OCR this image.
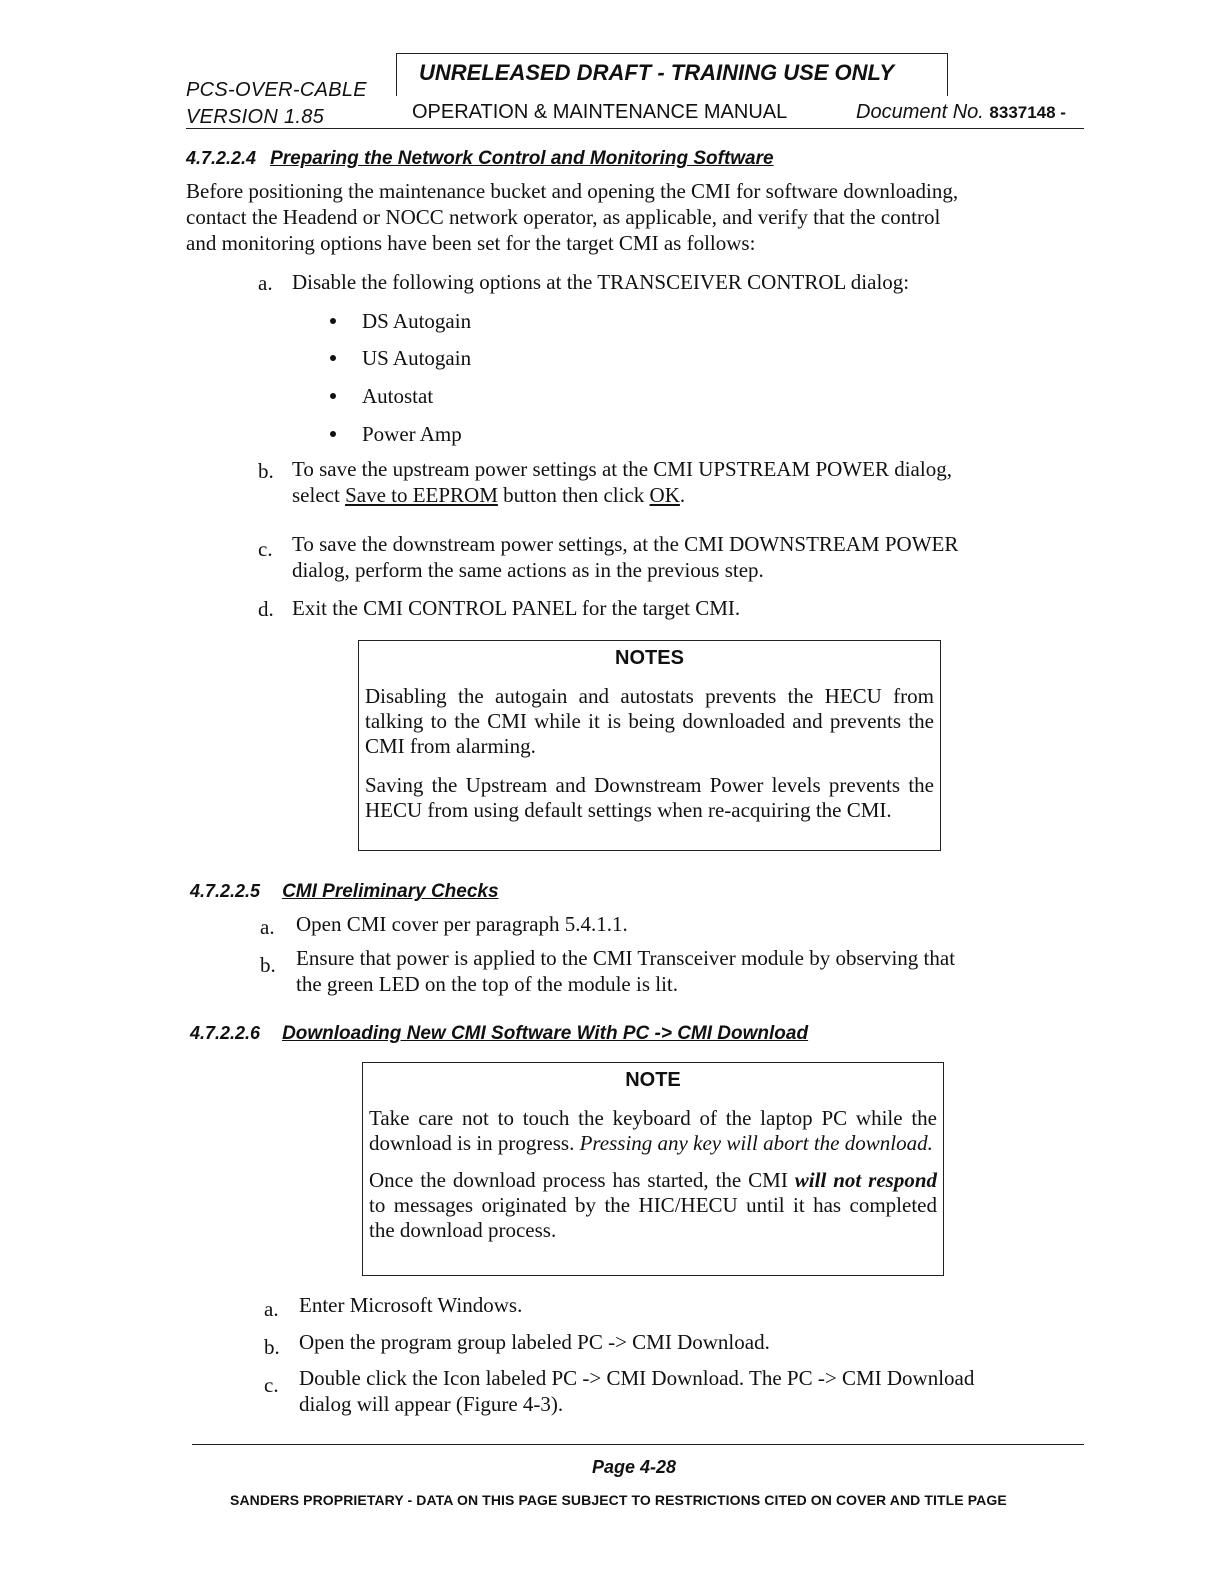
PCS-OVER-CABLE
VERSION 1.85
UNRELEASED DRAFT - TRAINING USE ONLY
OPERATION & MAINTENANCE MANUAL	Document No. 8337148 -
4.7.2.2.4 Preparing the Network Control and Monitoring Software
Before positioning the maintenance bucket and opening the CMI for software downloading,
contact the Headend or NOCC network operator, as applicable, and verify that the control
and monitoring options have been set for the target CMI as follows:
a. Disable the following options at the TRANSCEIVER CONTROL dialog:
DS Autogain
US Autogain
Autostat
Power Amp
b. To save the upstream power settings at the CMI UPSTREAM POWER dialog,
select Save to EEPROM button then click OK.
c. To save the downstream power settings, at the CMI DOWNSTREAM POWER
dialog, perform the same actions as in the previous step.
d. Exit the CMI CONTROL PANEL for the target CMI.
NOTES
Disabling the autogain and autostats prevents the HECU from talking to the CMI while it is being downloaded and prevents the CMI from alarming.
Saving the Upstream and Downstream Power levels prevents the HECU from using default settings when re-acquiring the CMI.
4.7.2.2.5 CMI Preliminary Checks
a. Open CMI cover per paragraph 5.4.1.1.
b. Ensure that power is applied to the CMI Transceiver module by observing that
the green LED on the top of the module is lit.
4.7.2.2.6 Downloading New CMI Software With PC -> CMI Download
NOTE
Take care not to touch the keyboard of the laptop PC while the download is in progress. Pressing any key will abort the download.
Once the download process has started, the CMI will not respond to messages originated by the HIC/HECU until it has completed the download process.
a. Enter Microsoft Windows.
b. Open the program group labeled PC -> CMI Download.
c. Double click the Icon labeled PC -> CMI Download. The PC -> CMI Download
dialog will appear (Figure 4-3).
Page 4-28
SANDERS PROPRIETARY - DATA ON THIS PAGE SUBJECT TO RESTRICTIONS CITED ON COVER AND TITLE PAGE
